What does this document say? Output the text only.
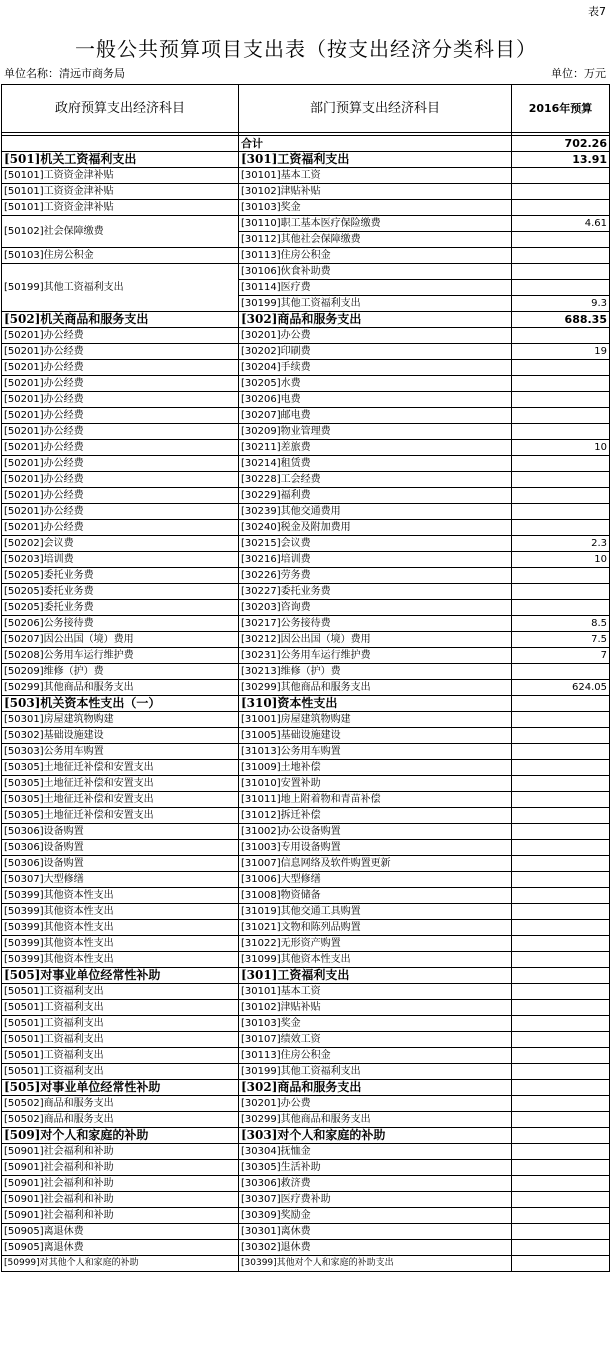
表7
一般公共预算项目支出表（按支出经济分类科目）
单位名称：清远市商务局	单位：万元
政府预算支出经济科目	部门预算支出经济科目	2016年预算

	合计	702.26
[501]机关工资福利支出	[301]工资福利支出	13.91
[50101]工资资金津补贴	[30101]基本工资	
[50101]工资资金津补贴	[30102]津贴补贴	
[50101]工资资金津补贴	[30103]奖金	
[50102]社会保障缴费	[30110]职工基本医疗保险缴费	4.61
	[30112]其他社会保障缴费	
[50103]住房公积金	[30113]住房公积金	
[50199]其他工资福利支出	[30106]伙食补助费	
	[30114]医疗费	
	[30199]其他工资福利支出	9.3
[502]机关商品和服务支出	[302]商品和服务支出	688.35
[50201]办公经费	[30201]办公费	
[50201]办公经费	[30202]印刷费	19
[50201]办公经费	[30204]手续费	
[50201]办公经费	[30205]水费	
[50201]办公经费	[30206]电费	
[50201]办公经费	[30207]邮电费	
[50201]办公经费	[30209]物业管理费	
[50201]办公经费	[30211]差旅费	10
[50201]办公经费	[30214]租赁费	
[50201]办公经费	[30228]工会经费	
[50201]办公经费	[30229]福利费	
[50201]办公经费	[30239]其他交通费用	
[50201]办公经费	[30240]税金及附加费用	
[50202]会议费	[30215]会议费	2.3
[50203]培训费	[30216]培训费	10
[50205]委托业务费	[30226]劳务费	
[50205]委托业务费	[30227]委托业务费	
[50205]委托业务费	[30203]咨询费	
[50206]公务接待费	[30217]公务接待费	8.5
[50207]因公出国（境）费用	[30212]因公出国（境）费用	7.5
[50208]公务用车运行维护费	[30231]公务用车运行维护费	7
[50209]维修（护）费	[30213]维修（护）费	
[50299]其他商品和服务支出	[30299]其他商品和服务支出	624.05
[503]机关资本性支出（一）	[310]资本性支出	
[50301]房屋建筑物购建	[31001]房屋建筑物购建	
[50302]基础设施建设	[31005]基础设施建设	
[50303]公务用车购置	[31013]公务用车购置	
[50305]土地征迁补偿和安置支出	[31009]土地补偿	
[50305]土地征迁补偿和安置支出	[31010]安置补助	
[50305]土地征迁补偿和安置支出	[31011]地上附着物和青苗补偿	
[50305]土地征迁补偿和安置支出	[31012]拆迁补偿	
[50306]设备购置	[31002]办公设备购置	
[50306]设备购置	[31003]专用设备购置	
[50306]设备购置	[31007]信息网络及软件购置更新	
[50307]大型修缮	[31006]大型修缮	
[50399]其他资本性支出	[31008]物资储备	
[50399]其他资本性支出	[31019]其他交通工具购置	
[50399]其他资本性支出	[31021]文物和陈列品购置	
[50399]其他资本性支出	[31022]无形资产购置	
[50399]其他资本性支出	[31099]其他资本性支出	
[505]对事业单位经常性补助	[301]工资福利支出	
[50501]工资福利支出	[30101]基本工资	
[50501]工资福利支出	[30102]津贴补贴	
[50501]工资福利支出	[30103]奖金	
[50501]工资福利支出	[30107]绩效工资	
[50501]工资福利支出	[30113]住房公积金	
[50501]工资福利支出	[30199]其他工资福利支出	
[505]对事业单位经常性补助	[302]商品和服务支出	
[50502]商品和服务支出	[30201]办公费	
[50502]商品和服务支出	[30299]其他商品和服务支出	
[509]对个人和家庭的补助	[303]对个人和家庭的补助	
[50901]社会福利和补助	[30304]抚恤金	
[50901]社会福利和补助	[30305]生活补助	
[50901]社会福利和补助	[30306]救济费	
[50901]社会福利和补助	[30307]医疗费补助	
[50901]社会福利和补助	[30309]奖励金	
[50905]离退休费	[30301]离休费	
[50905]离退休费	[30302]退休费	
[50999]对其他个人和家庭的补助	[30399]其他对个人和家庭的补助支出	
